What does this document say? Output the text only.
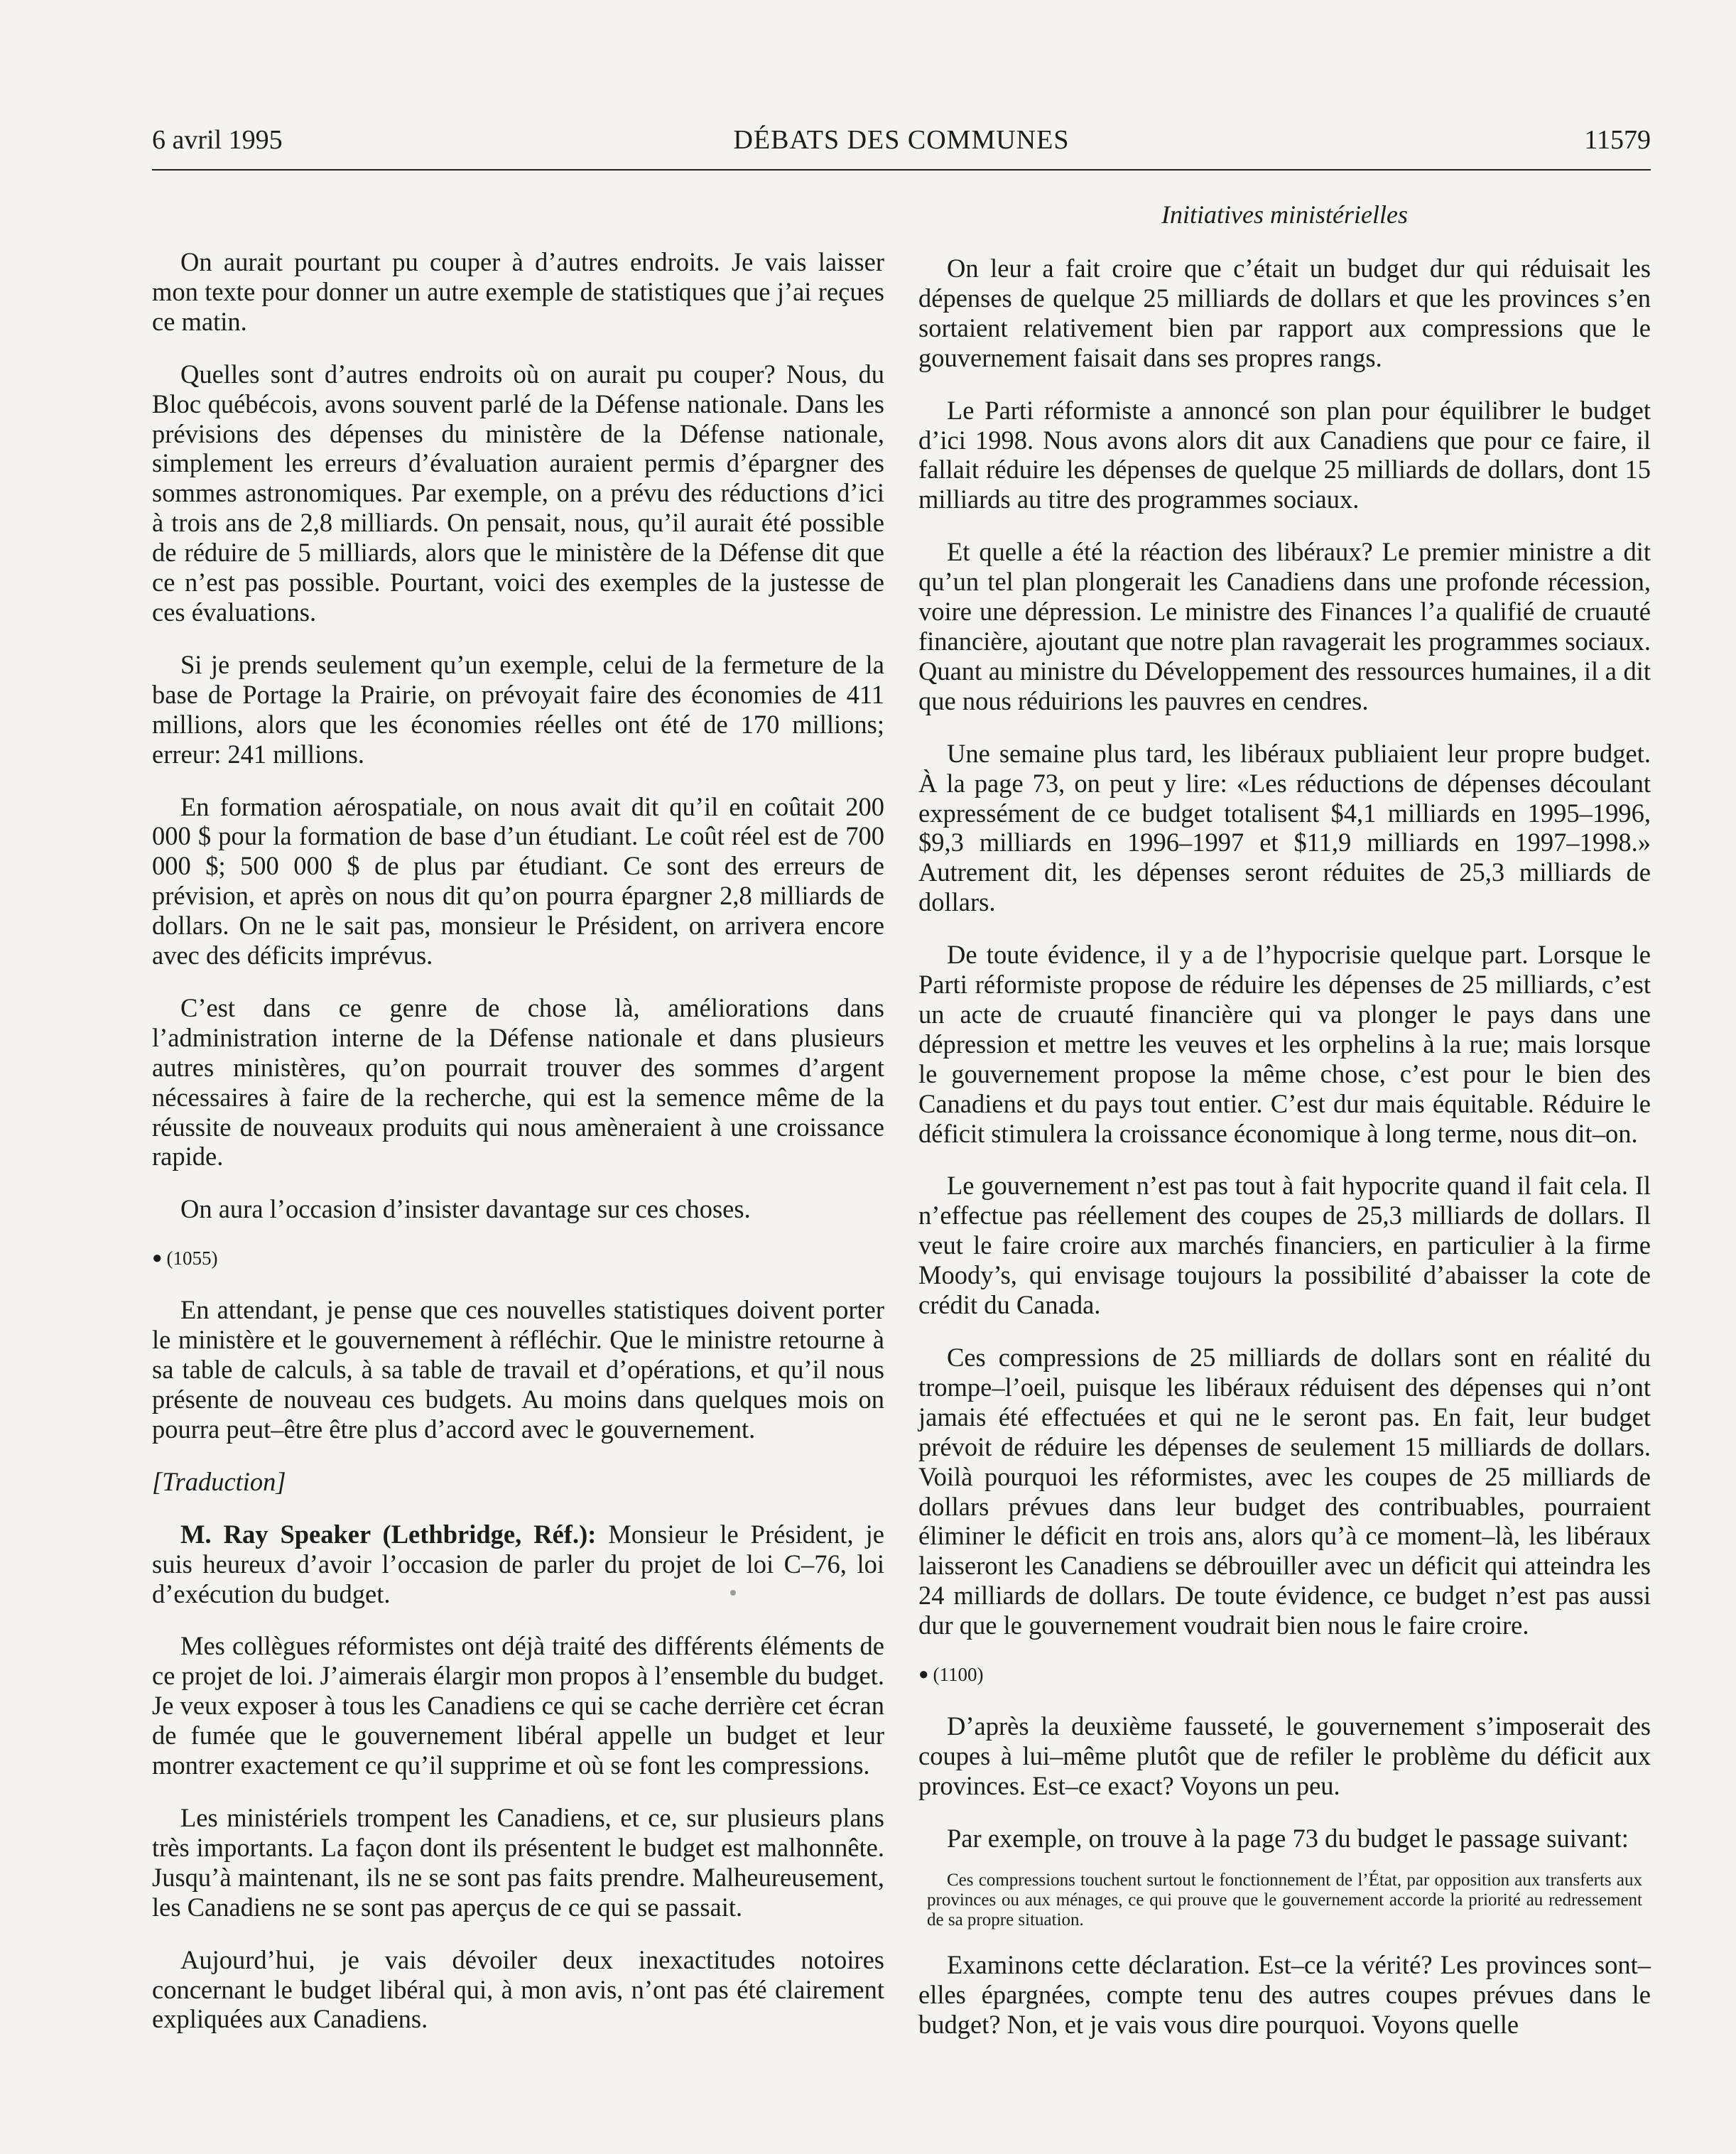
6 avril 1995	DÉBATS DES COMMUNES	11579
Initiatives ministérielles

On aurait pourtant pu couper à d’autres endroits. Je vais laisser mon texte pour donner un autre exemple de statistiques que j’ai reçues ce matin.

Quelles sont d’autres endroits où on aurait pu couper? Nous, du Bloc québécois, avons souvent parlé de la Défense nationale. Dans les prévisions des dépenses du ministère de la Défense nationale, simplement les erreurs d’évaluation auraient permis d’épargner des sommes astronomiques. Par exemple, on a prévu des réductions d’ici à trois ans de 2,8 milliards. On pensait, nous, qu’il aurait été possible de réduire de 5 milliards, alors que le ministère de la Défense dit que ce n’est pas possible. Pourtant, voici des exemples de la justesse de ces évaluations.

Si je prends seulement qu’un exemple, celui de la fermeture de la base de Portage la Prairie, on prévoyait faire des économies de 411 millions, alors que les économies réelles ont été de 170 millions; erreur: 241 millions.

En formation aérospatiale, on nous avait dit qu’il en coûtait 200 000 $ pour la formation de base d’un étudiant. Le coût réel est de 700 000 $; 500 000 $ de plus par étudiant. Ce sont des erreurs de prévision, et après on nous dit qu’on pourra épargner 2,8 milliards de dollars. On ne le sait pas, monsieur le Président, on arrivera encore avec des déficits imprévus.

C’est dans ce genre de chose là, améliorations dans l’administration interne de la Défense nationale et dans plusieurs autres ministères, qu’on pourrait trouver des sommes d’argent nécessaires à faire de la recherche, qui est la semence même de la réussite de nouveaux produits qui nous amèneraient à une croissance rapide.

On aura l’occasion d’insister davantage sur ces choses.

● (1055)

En attendant, je pense que ces nouvelles statistiques doivent porter le ministère et le gouvernement à réfléchir. Que le ministre retourne à sa table de calculs, à sa table de travail et d’opérations, et qu’il nous présente de nouveau ces budgets. Au moins dans quelques mois on pourra peut–être être plus d’accord avec le gouvernement.

[Traduction]

M. Ray Speaker (Lethbridge, Réf.): Monsieur le Président, je suis heureux d’avoir l’occasion de parler du projet de loi C–76, loi d’exécution du budget.

Mes collègues réformistes ont déjà traité des différents éléments de ce projet de loi. J’aimerais élargir mon propos à l’ensemble du budget. Je veux exposer à tous les Canadiens ce qui se cache derrière cet écran de fumée que le gouvernement libéral appelle un budget et leur montrer exactement ce qu’il supprime et où se font les compressions.

Les ministériels trompent les Canadiens, et ce, sur plusieurs plans très importants. La façon dont ils présentent le budget est malhonnête. Jusqu’à maintenant, ils ne se sont pas faits prendre. Malheureusement, les Canadiens ne se sont pas aperçus de ce qui se passait.

Aujourd’hui, je vais dévoiler deux inexactitudes notoires concernant le budget libéral qui, à mon avis, n’ont pas été clairement expliquées aux Canadiens.

On leur a fait croire que c’était un budget dur qui réduisait les dépenses de quelque 25 milliards de dollars et que les provinces s’en sortaient relativement bien par rapport aux compressions que le gouvernement faisait dans ses propres rangs.

Le Parti réformiste a annoncé son plan pour équilibrer le budget d’ici 1998. Nous avons alors dit aux Canadiens que pour ce faire, il fallait réduire les dépenses de quelque 25 milliards de dollars, dont 15 milliards au titre des programmes sociaux.

Et quelle a été la réaction des libéraux? Le premier ministre a dit qu’un tel plan plongerait les Canadiens dans une profonde récession, voire une dépression. Le ministre des Finances l’a qualifié de cruauté financière, ajoutant que notre plan ravagerait les programmes sociaux. Quant au ministre du Développement des ressources humaines, il a dit que nous réduirions les pauvres en cendres.

Une semaine plus tard, les libéraux publiaient leur propre budget. À la page 73, on peut y lire: «Les réductions de dépenses découlant expressément de ce budget totalisent $4,1 milliards en 1995–1996, $9,3 milliards en 1996–1997 et $11,9 milliards en 1997–1998.» Autrement dit, les dépenses seront réduites de 25,3 milliards de dollars.

De toute évidence, il y a de l’hypocrisie quelque part. Lorsque le Parti réformiste propose de réduire les dépenses de 25 milliards, c’est un acte de cruauté financière qui va plonger le pays dans une dépression et mettre les veuves et les orphelins à la rue; mais lorsque le gouvernement propose la même chose, c’est pour le bien des Canadiens et du pays tout entier. C’est dur mais équitable. Réduire le déficit stimulera la croissance économique à long terme, nous dit–on.

Le gouvernement n’est pas tout à fait hypocrite quand il fait cela. Il n’effectue pas réellement des coupes de 25,3 milliards de dollars. Il veut le faire croire aux marchés financiers, en particulier à la firme Moody’s, qui envisage toujours la possibilité d’abaisser la cote de crédit du Canada.

Ces compressions de 25 milliards de dollars sont en réalité du trompe–l’oeil, puisque les libéraux réduisent des dépenses qui n’ont jamais été effectuées et qui ne le seront pas. En fait, leur budget prévoit de réduire les dépenses de seulement 15 milliards de dollars. Voilà pourquoi les réformistes, avec les coupes de 25 milliards de dollars prévues dans leur budget des contribuables, pourraient éliminer le déficit en trois ans, alors qu’à ce moment–là, les libéraux laisseront les Canadiens se débrouiller avec un déficit qui atteindra les 24 milliards de dollars. De toute évidence, ce budget n’est pas aussi dur que le gouvernement voudrait bien nous le faire croire.

● (1100)

D’après la deuxième fausseté, le gouvernement s’imposerait des coupes à lui–même plutôt que de refiler le problème du déficit aux provinces. Est–ce exact? Voyons un peu.

Par exemple, on trouve à la page 73 du budget le passage suivant:

Ces compressions touchent surtout le fonctionnement de l’État, par opposition aux transferts aux provinces ou aux ménages, ce qui prouve que le gouvernement accorde la priorité au redressement de sa propre situation.

Examinons cette déclaration. Est–ce la vérité? Les provinces sont–elles épargnées, compte tenu des autres coupes prévues dans le budget? Non, et je vais vous dire pourquoi. Voyons quelle
